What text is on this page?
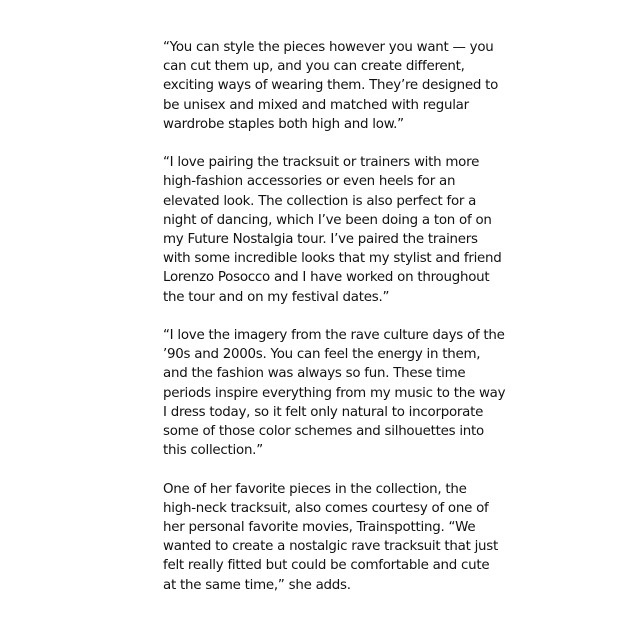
“You can style the pieces however you want — you
can cut them up, and you can create different,
exciting ways of wearing them. They’re designed to
be unisex and mixed and matched with regular
wardrobe staples both high and low.”

“I love pairing the tracksuit or trainers with more
high-fashion accessories or even heels for an
elevated look. The collection is also perfect for a
night of dancing, which I’ve been doing a ton of on
my Future Nostalgia tour. I’ve paired the trainers
with some incredible looks that my stylist and friend
Lorenzo Posocco and I have worked on throughout
the tour and on my festival dates.”

“I love the imagery from the rave culture days of the
’90s and 2000s. You can feel the energy in them,
and the fashion was always so fun. These time
periods inspire everything from my music to the way
I dress today, so it felt only natural to incorporate
some of those color schemes and silhouettes into
this collection.”

One of her favorite pieces in the collection, the
high-neck tracksuit, also comes courtesy of one of
her personal favorite movies, Trainspotting. “We
wanted to create a nostalgic rave tracksuit that just
felt really fitted but could be comfortable and cute
at the same time,” she adds.
